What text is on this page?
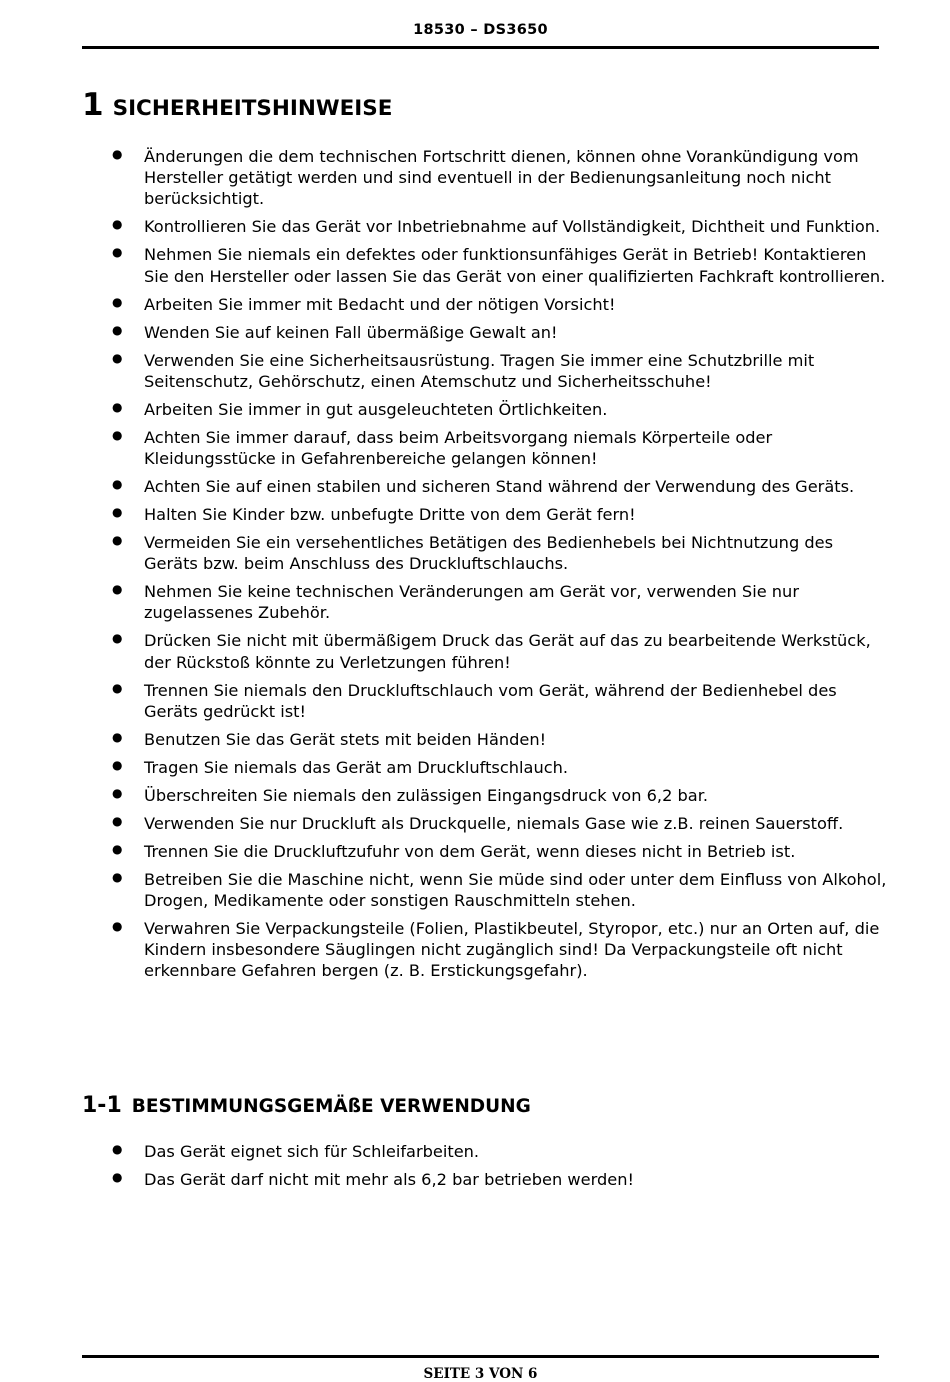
18530 – DS3650
1 SICHERHEITSHINWEISE
● Änderungen die dem technischen Fortschritt dienen, können ohne Vorankündigung vom Hersteller getätigt werden und sind eventuell in der Bedienungsanleitung noch nicht berücksichtigt.
● Kontrollieren Sie das Gerät vor Inbetriebnahme auf Vollständigkeit, Dichtheit und Funktion.
● Nehmen Sie niemals ein defektes oder funktionsunfähiges Gerät in Betrieb! Kontaktieren Sie den Hersteller oder lassen Sie das Gerät von einer qualifizierten Fachkraft kontrollieren.
● Arbeiten Sie immer mit Bedacht und der nötigen Vorsicht!
● Wenden Sie auf keinen Fall übermäßige Gewalt an!
● Verwenden Sie eine Sicherheitsausrüstung. Tragen Sie immer eine Schutzbrille mit Seitenschutz, Gehörschutz, einen Atemschutz und Sicherheitsschuhe!
● Arbeiten Sie immer in gut ausgeleuchteten Örtlichkeiten.
● Achten Sie immer darauf, dass beim Arbeitsvorgang niemals Körperteile oder Kleidungsstücke in Gefahrenbereiche gelangen können!
● Achten Sie auf einen stabilen und sicheren Stand während der Verwendung des Geräts.
● Halten Sie Kinder bzw. unbefugte Dritte von dem Gerät fern!
● Vermeiden Sie ein versehentliches Betätigen des Bedienhebels bei Nichtnutzung des Geräts bzw. beim Anschluss des Druckluftschlauchs.
● Nehmen Sie keine technischen Veränderungen am Gerät vor, verwenden Sie nur zugelassenes Zubehör.
● Drücken Sie nicht mit übermäßigem Druck das Gerät auf das zu bearbeitende Werkstück, der Rückstoß könnte zu Verletzungen führen!
● Trennen Sie niemals den Druckluftschlauch vom Gerät, während der Bedienhebel des Geräts gedrückt ist!
● Benutzen Sie das Gerät stets mit beiden Händen!
● Tragen Sie niemals das Gerät am Druckluftschlauch.
● Überschreiten Sie niemals den zulässigen Eingangsdruck von 6,2 bar.
● Verwenden Sie nur Druckluft als Druckquelle, niemals Gase wie z.B. reinen Sauerstoff.
● Trennen Sie die Druckluftzufuhr von dem Gerät, wenn dieses nicht in Betrieb ist.
● Betreiben Sie die Maschine nicht, wenn Sie müde sind oder unter dem Einfluss von Alkohol, Drogen, Medikamente oder sonstigen Rauschmitteln stehen.
● Verwahren Sie Verpackungsteile (Folien, Plastikbeutel, Styropor, etc.) nur an Orten auf, die Kindern insbesondere Säuglingen nicht zugänglich sind! Da Verpackungsteile oft nicht erkennbare Gefahren bergen (z. B. Erstickungsgefahr).
1-1 BESTIMMUNGSGEMÄßE VERWENDUNG
● Das Gerät eignet sich für Schleifarbeiten.
● Das Gerät darf nicht mit mehr als 6,2 bar betrieben werden!
SEITE 3 VON 6
